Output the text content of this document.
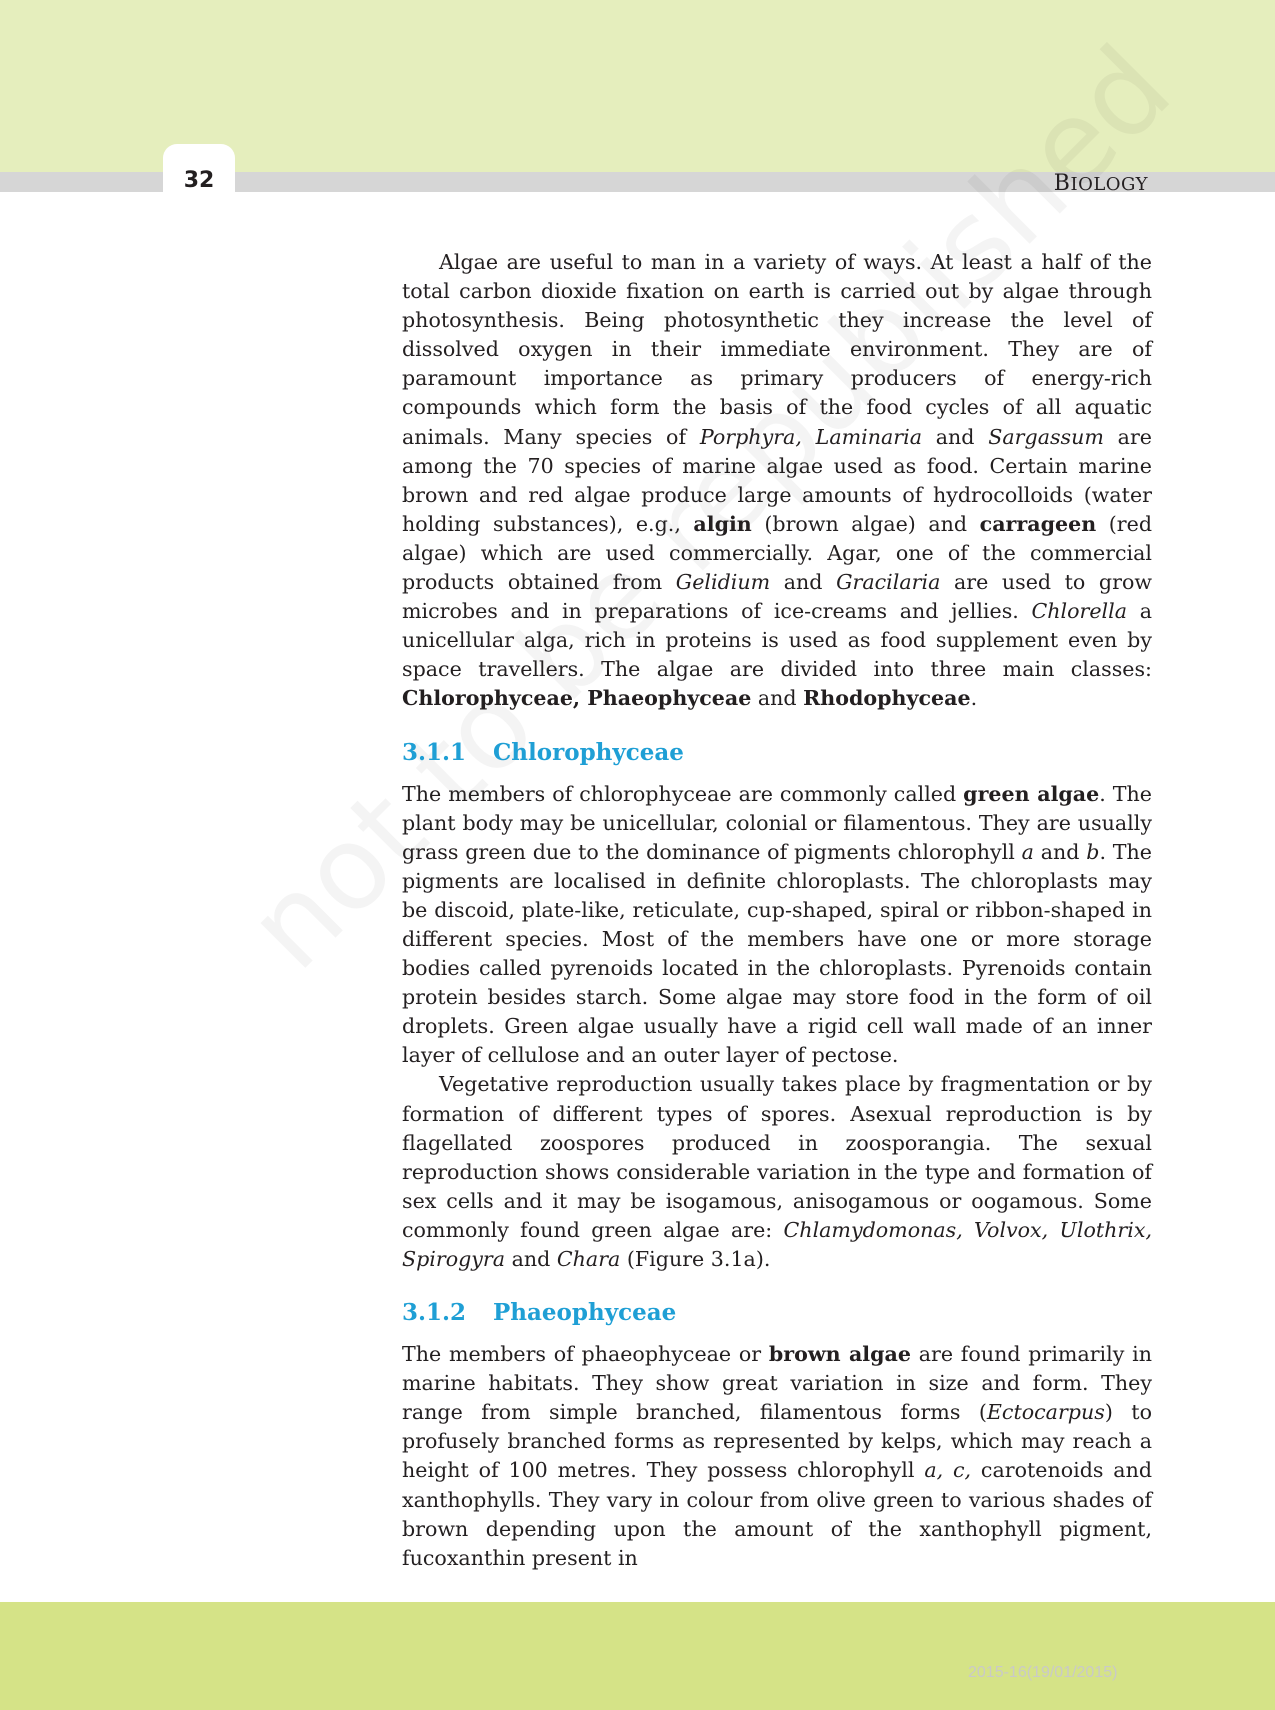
32	BIOLOGY

Algae are useful to man in a variety of ways. At least a half of the total carbon dioxide fixation on earth is carried out by algae through photosynthesis. Being photosynthetic they increase the level of dissolved oxygen in their immediate environment. They are of paramount importance as primary producers of energy-rich compounds which form the basis of the food cycles of all aquatic animals. Many species of Porphyra, Laminaria and Sargassum are among the 70 species of marine algae used as food. Certain marine brown and red algae produce large amounts of hydrocolloids (water holding substances), e.g., algin (brown algae) and carrageen (red algae) which are used commercially. Agar, one of the commercial products obtained from Gelidium and Gracilaria are used to grow microbes and in preparations of ice-creams and jellies. Chlorella a unicellular alga, rich in proteins is used as food supplement even by space travellers. The algae are divided into three main classes: Chlorophyceae, Phaeophyceae and Rhodophyceae.

3.1.1 Chlorophyceae

The members of chlorophyceae are commonly called green algae. The plant body may be unicellular, colonial or filamentous. They are usually grass green due to the dominance of pigments chlorophyll a and b. The pigments are localised in definite chloroplasts. The chloroplasts may be discoid, plate-like, reticulate, cup-shaped, spiral or ribbon-shaped in different species. Most of the members have one or more storage bodies called pyrenoids located in the chloroplasts. Pyrenoids contain protein besides starch. Some algae may store food in the form of oil droplets. Green algae usually have a rigid cell wall made of an inner layer of cellulose and an outer layer of pectose.

Vegetative reproduction usually takes place by fragmentation or by formation of different types of spores. Asexual reproduction is by flagellated zoospores produced in zoosporangia. The sexual reproduction shows considerable variation in the type and formation of sex cells and it may be isogamous, anisogamous or oogamous. Some commonly found green algae are: Chlamydomonas, Volvox, Ulothrix, Spirogyra and Chara (Figure 3.1a).

3.1.2 Phaeophyceae

The members of phaeophyceae or brown algae are found primarily in marine habitats. They show great variation in size and form. They range from simple branched, filamentous forms (Ectocarpus) to profusely branched forms as represented by kelps, which may reach a height of 100 metres. They possess chlorophyll a, c, carotenoids and xanthophylls. They vary in colour from olive green to various shades of brown depending upon the amount of the xanthophyll pigment, fucoxanthin present in

2015-16(19/01/2015)
